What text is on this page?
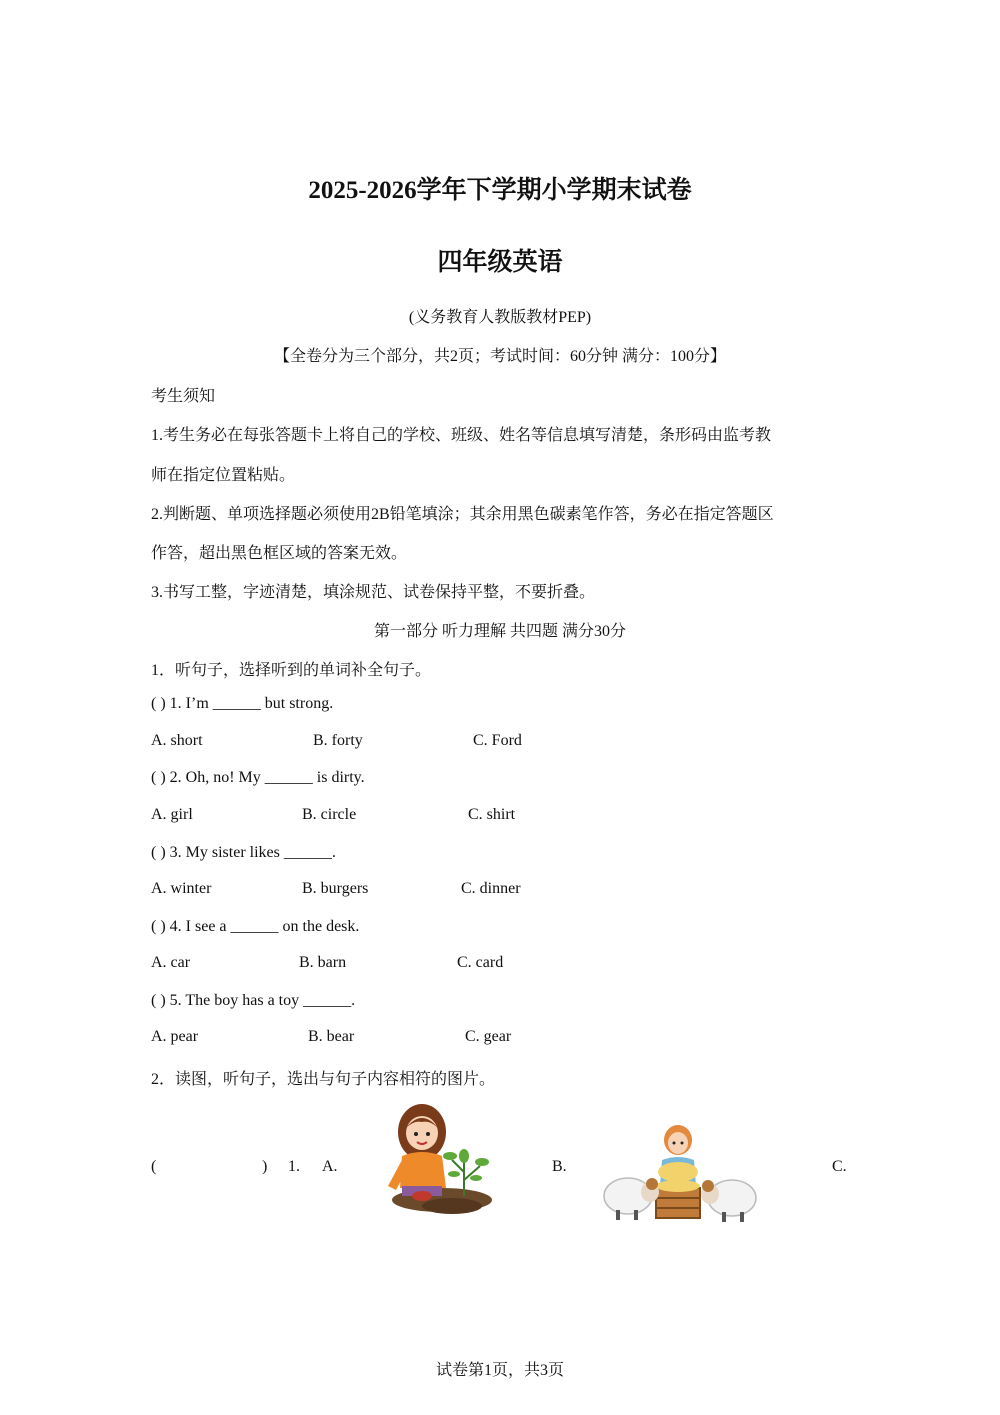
2025-2026学年下学期小学期末试卷
四年级英语
(义务教育人教版教材PEP)
【全卷分为三个部分，共2页；考试时间：60分钟 满分：100分】
考生须知
1.考生务必在每张答题卡上将自己的学校、班级、姓名等信息填写清楚，条形码由监考教
师在指定位置粘贴。
2.判断题、单项选择题必须使用2B铅笔填涂；其余用黑色碳素笔作答，务必在指定答题区
作答，超出黑色框区域的答案无效。
3.书写工整，字迹清楚，填涂规范、试卷保持平整，不要折叠。
第一部分 听力理解 共四题 满分30分
1．听句子，选择听到的单词补全句子。
( ) 1. I’m ______ but strong.
A. short	B. forty	C. Ford
( ) 2. Oh, no! My ______ is dirty.
A. girl	B. circle	C. shirt
( ) 3. My sister likes ______.
A. winter	B. burgers	C. dinner
( ) 4. I see a ______ on the desk.
A. car	B. barn	C. card
( ) 5. The boy has a toy ______.
A. pear	B. bear	C. gear
2．读图，听句子，选出与句子内容相符的图片。
(	) 1. A.	B.	C.
试卷第1页，共3页
